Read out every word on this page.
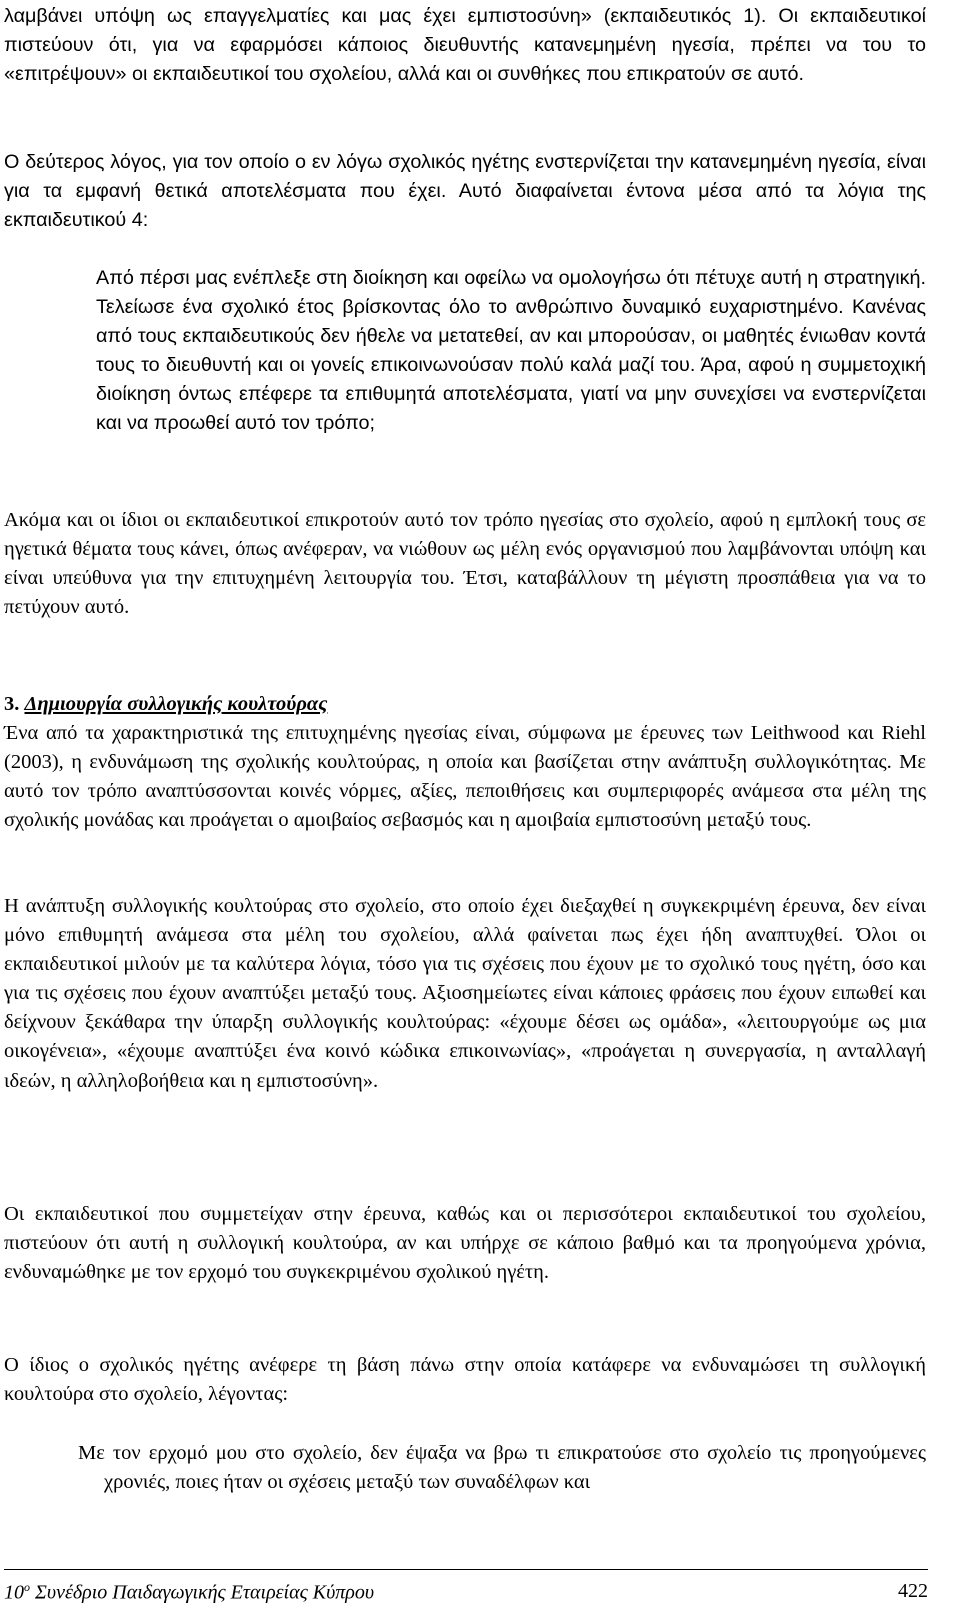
λαμβάνει υπόψη ως επαγγελματίες και μας έχει εμπιστοσύνη» (εκπαιδευτικός 1). Οι εκπαιδευτικοί πιστεύουν ότι, για να εφαρμόσει κάποιος διευθυντής κατανεμημένη ηγεσία, πρέπει να του το «επιτρέψουν» οι εκπαιδευτικοί του σχολείου, αλλά και οι συνθήκες που επικρατούν σε αυτό.

Ο δεύτερος λόγος, για τον οποίο ο εν λόγω σχολικός ηγέτης ενστερνίζεται την κατανεμημένη ηγεσία, είναι για τα εμφανή θετικά αποτελέσματα που έχει. Αυτό διαφαίνεται έντονα μέσα από τα λόγια της εκπαιδευτικού 4:

Από πέρσι μας ενέπλεξε στη διοίκηση και οφείλω να ομολογήσω ότι πέτυχε αυτή η στρατηγική. Τελείωσε ένα σχολικό έτος βρίσκοντας όλο το ανθρώπινο δυναμικό ευχαριστημένο. Κανένας από τους εκπαιδευτικούς δεν ήθελε να μετατεθεί, αν και μπορούσαν, οι μαθητές ένιωθαν κοντά τους το διευθυντή και οι γονείς επικοινωνούσαν πολύ καλά μαζί του. Άρα, αφού η συμμετοχική διοίκηση όντως επέφερε τα επιθυμητά αποτελέσματα, γιατί να μην συνεχίσει να ενστερνίζεται και να προωθεί αυτό τον τρόπο;

Ακόμα και οι ίδιοι οι εκπαιδευτικοί επικροτούν αυτό τον τρόπο ηγεσίας στο σχολείο, αφού η εμπλοκή τους σε ηγετικά θέματα τους κάνει, όπως ανέφεραν, να νιώθουν ως μέλη ενός οργανισμού που λαμβάνονται υπόψη και είναι υπεύθυνα για την επιτυχημένη λειτουργία του. Έτσι, καταβάλλουν τη μέγιστη προσπάθεια για να το πετύχουν αυτό.

3. Δημιουργία συλλογικής κουλτούρας

Ένα από τα χαρακτηριστικά της επιτυχημένης ηγεσίας είναι, σύμφωνα με έρευνες των Leithwood και Riehl (2003), η ενδυνάμωση της σχολικής κουλτούρας, η οποία και βασίζεται στην ανάπτυξη συλλογικότητας. Με αυτό τον τρόπο αναπτύσσονται κοινές νόρμες, αξίες, πεποιθήσεις και συμπεριφορές ανάμεσα στα μέλη της σχολικής μονάδας και προάγεται ο αμοιβαίος σεβασμός και η αμοιβαία εμπιστοσύνη μεταξύ τους.

Η ανάπτυξη συλλογικής κουλτούρας στο σχολείο, στο οποίο έχει διεξαχθεί η συγκεκριμένη έρευνα, δεν είναι μόνο επιθυμητή ανάμεσα στα μέλη του σχολείου, αλλά φαίνεται πως έχει ήδη αναπτυχθεί. Όλοι οι εκπαιδευτικοί μιλούν με τα καλύτερα λόγια, τόσο για τις σχέσεις που έχουν με το σχολικό τους ηγέτη, όσο και για τις σχέσεις που έχουν αναπτύξει μεταξύ τους. Αξιοσημείωτες είναι κάποιες φράσεις που έχουν ειπωθεί και δείχνουν ξεκάθαρα την ύπαρξη συλλογικής κουλτούρας: «έχουμε δέσει ως ομάδα», «λειτουργούμε ως μια οικογένεια», «έχουμε αναπτύξει ένα κοινό κώδικα επικοινωνίας», «προάγεται η συνεργασία, η ανταλλαγή ιδεών, η αλληλοβοήθεια και η εμπιστοσύνη».

Οι εκπαιδευτικοί που συμμετείχαν στην έρευνα, καθώς και οι περισσότεροι εκπαιδευτικοί του σχολείου, πιστεύουν ότι αυτή η συλλογική κουλτούρα, αν και υπήρχε σε κάποιο βαθμό και τα προηγούμενα χρόνια, ενδυναμώθηκε με τον ερχομό του συγκεκριμένου σχολικού ηγέτη.

Ο ίδιος ο σχολικός ηγέτης ανέφερε τη βάση πάνω στην οποία κατάφερε να ενδυναμώσει τη συλλογική κουλτούρα στο σχολείο, λέγοντας:

Με τον ερχομό μου στο σχολείο, δεν έψαξα να βρω τι επικρατούσε στο σχολείο τις προηγούμενες χρονιές, ποιες ήταν οι σχέσεις μεταξύ των συναδέλφων και

$10^o$ Συνέδριο Παιδαγωγικής Εταιρείας Κύπρου	422
